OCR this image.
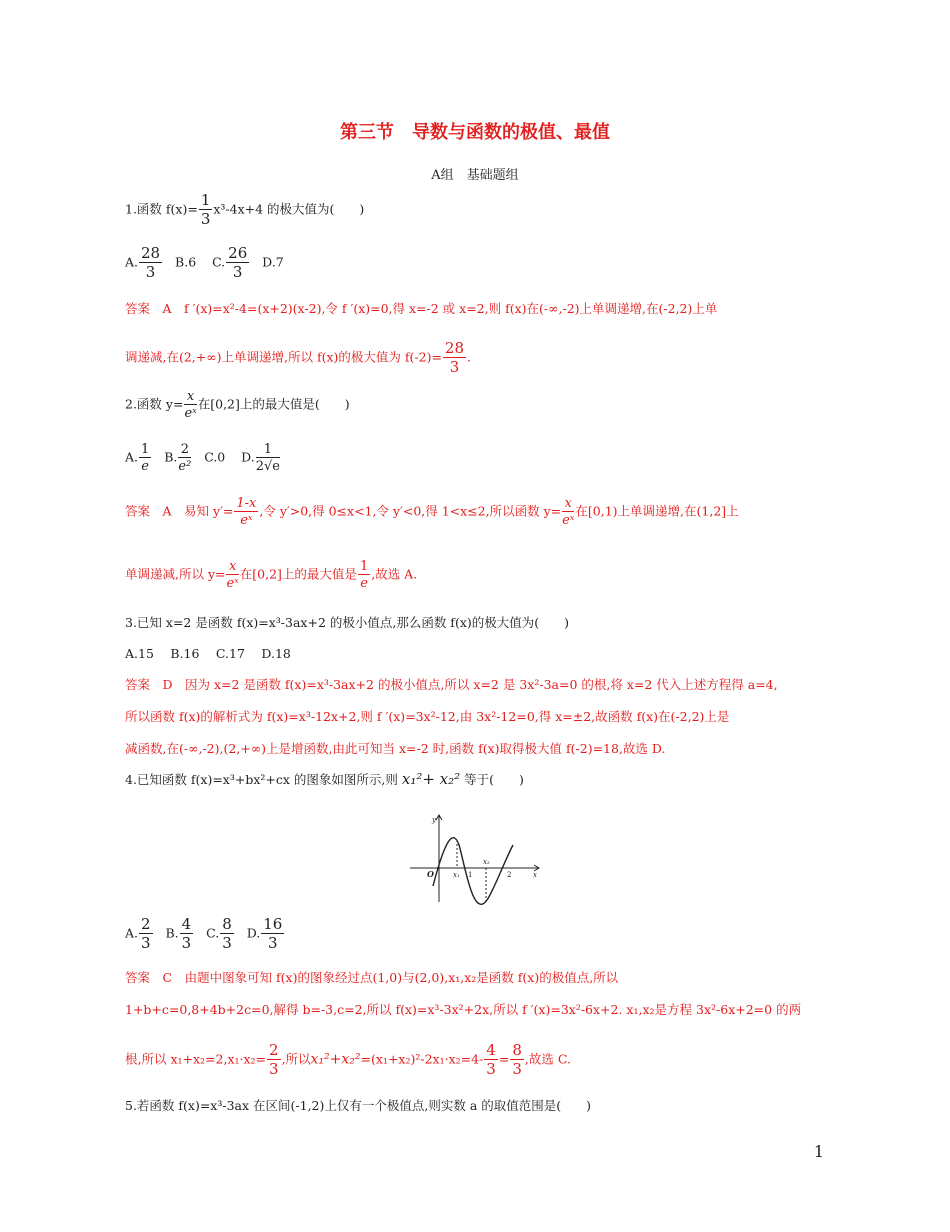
第三节　导数与函数的极值、最值
A组　基础题组
1.函数 $f(x)= \frac{1}{3} x^3-4x+4$ 的极大值为(　　)
A. $\frac{28}{3} B.6$ C. $\frac{26}{3} D.7$
答案　A　f ′(x)=x²-4=(x+2)(x-2),令 f ′(x)=0,得 x=-2 或 x=2,则 f(x)在(-∞,-2)上单调递增,在(-2,2)上单
调递减,在(2,+∞)上单调递增,所以 f(x)的极大值为 $f(-2)= \frac{28}{3}$ .
2.函数 $y= \frac{x}{\text{eˣ}}$ 在[0,2]上的最大值是(　　)
A. $\frac{1}{e} B$. $\frac{2}{\text{e²}} C.0$ D. $\frac{1}{2√e}$
答案　A　易知 $y'= \frac{1-x}{\text{eˣ}}$ ,令 y′>0,得 0≤x<1,令 y′<0,得 1<x≤2,所以函数 $y= \frac{x}{\text{eˣ}}$ 在[0,1)上单调递增,在(1,2]上
单调递减,所以 $y= \frac{x}{\text{eˣ}}$ 在[0,2]上的最大值是 $\frac{1}{e}$ ,故选 A.
3.已知 x=2 是函数 f(x)=x³-3ax+2 的极小值点,那么函数 f(x)的极大值为(　　)
A.15　 B.16　 C.17　 D.18
答案　D　因为 x=2 是函数 f(x)=x³-3ax+2 的极小值点,所以 x=2 是 3x²-3a=0 的根,将 x=2 代入上述方程得 a=4,
所以函数 f(x)的解析式为 f(x)=x³-12x+2,则 f ′(x)=3x²-12,由 3x²-12=0,得 x=±2,故函数 f(x)在(-2,2)上是
减函数,在(-∞,-2),(2,+∞)上是增函数,由此可知当 x=-2 时,函数 f(x)取得极大值 f(-2)=18,故选 D.
4.已知函数 f(x)=x³+bx²+cx 的图象如图所示,则 x₁²+ x₂² 等于(　　)
y
x
O	x₁ 1
x₂
2
A. $\frac{2}{3} B$. $\frac{4}{3} C$. $\frac{8}{3} D$. $\frac{16}{3}$
答案　C　由题中图象可知 f(x)的图象经过点(1,0)与(2,0),x₁,x₂是函数 f(x)的极值点,所以
1+b+c=0,8+4b+2c=0,解得 b=-3,c=2,所以 f(x)=x³-3x²+2x,所以 f ′(x)=3x²-6x+2. x₁,x₂是方程 3x²-6x+2=0 的两
根,所以 $x_1+x_2=2,x_1\cdot x_2= \frac{2}{3}$ ,所以$x_1^2+x_2^2=(x_1+x_2)^2-2x_1\cdot x_2=4- \frac{4}{3} = \frac{8}{3}$ ,故选 C.
5.若函数 f(x)=x³-3ax 在区间(-1,2)上仅有一个极值点,则实数 a 的取值范围是(　　)
1
